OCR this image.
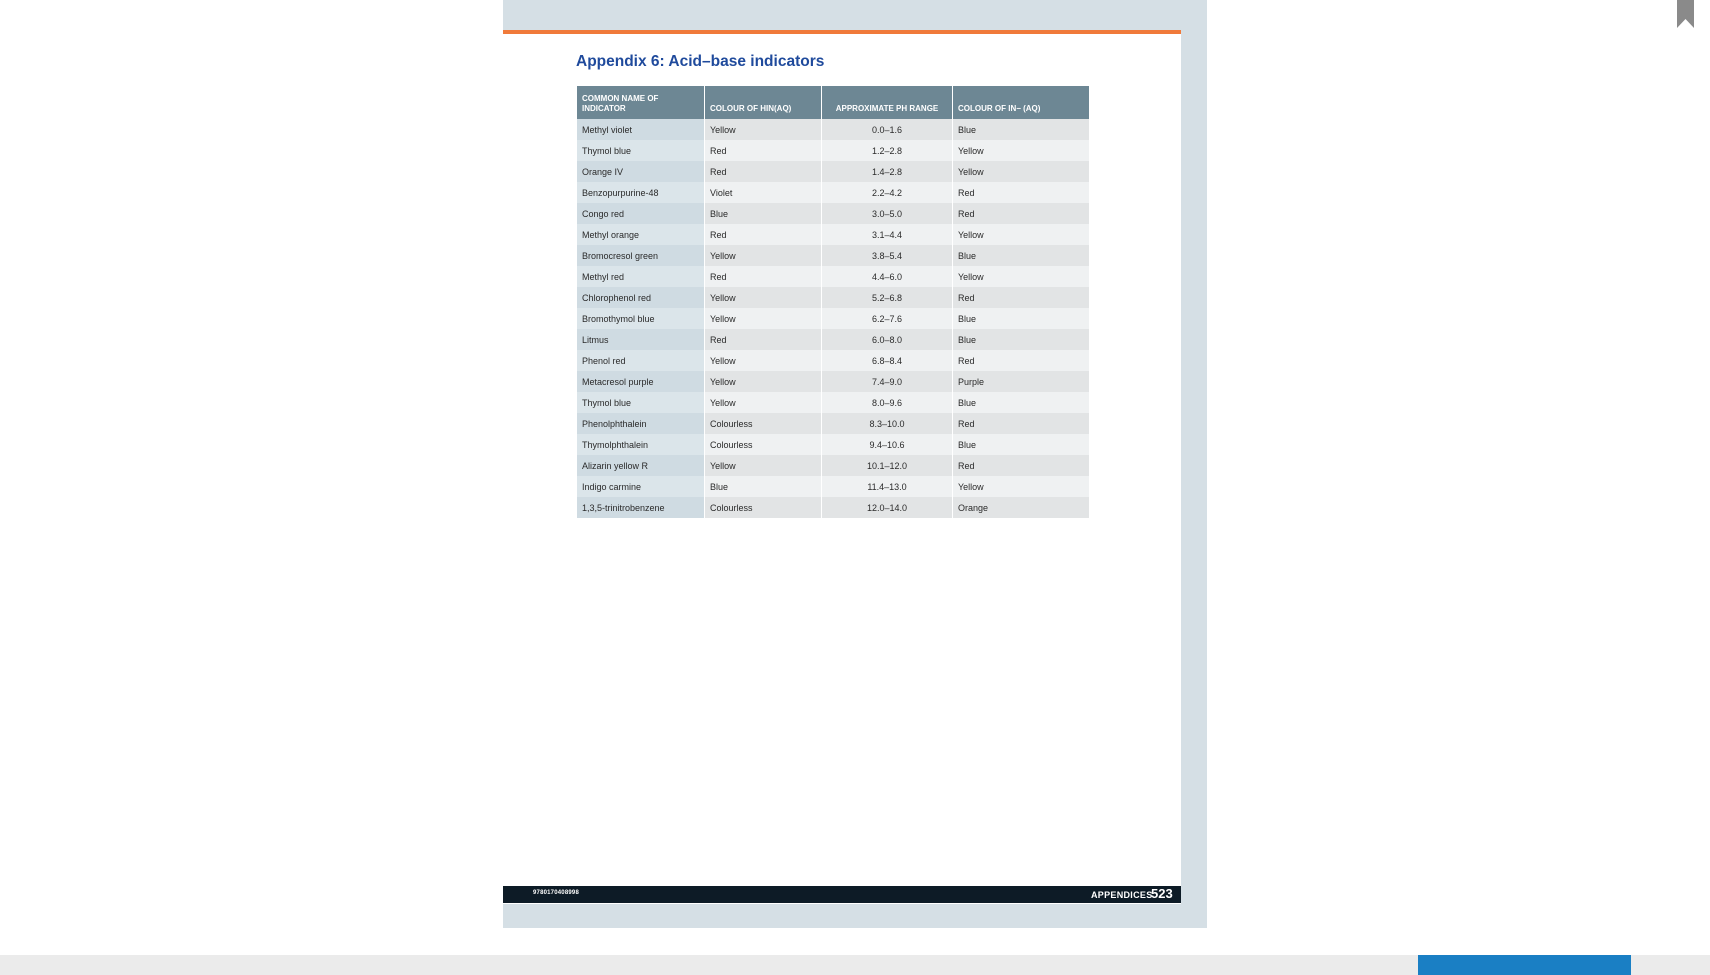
Appendix 6: Acid–base indicators
COMMON NAME OF INDICATOR	COLOUR OF HIN(AQ)	APPROXIMATE PH RANGE	COLOUR OF IN− (AQ)
Methyl violet	Yellow	0.0–1.6	Blue
Thymol blue	Red	1.2–2.8	Yellow
Orange IV	Red	1.4–2.8	Yellow
Benzopurpurine-48	Violet	2.2–4.2	Red
Congo red	Blue	3.0–5.0	Red
Methyl orange	Red	3.1–4.4	Yellow
Bromocresol green	Yellow	3.8–5.4	Blue
Methyl red	Red	4.4–6.0	Yellow
Chlorophenol red	Yellow	5.2–6.8	Red
Bromothymol blue	Yellow	6.2–7.6	Blue
Litmus	Red	6.0–8.0	Blue
Phenol red	Yellow	6.8–8.4	Red
Metacresol purple	Yellow	7.4–9.0	Purple
Thymol blue	Yellow	8.0–9.6	Blue
Phenolphthalein	Colourless	8.3–10.0	Red
Thymolphthalein	Colourless	9.4–10.6	Blue
Alizarin yellow R	Yellow	10.1–12.0	Red
Indigo carmine	Blue	11.4–13.0	Yellow
1,3,5-trinitrobenzene	Colourless	12.0–14.0	Orange
9780170408998	APPENDICES
523
